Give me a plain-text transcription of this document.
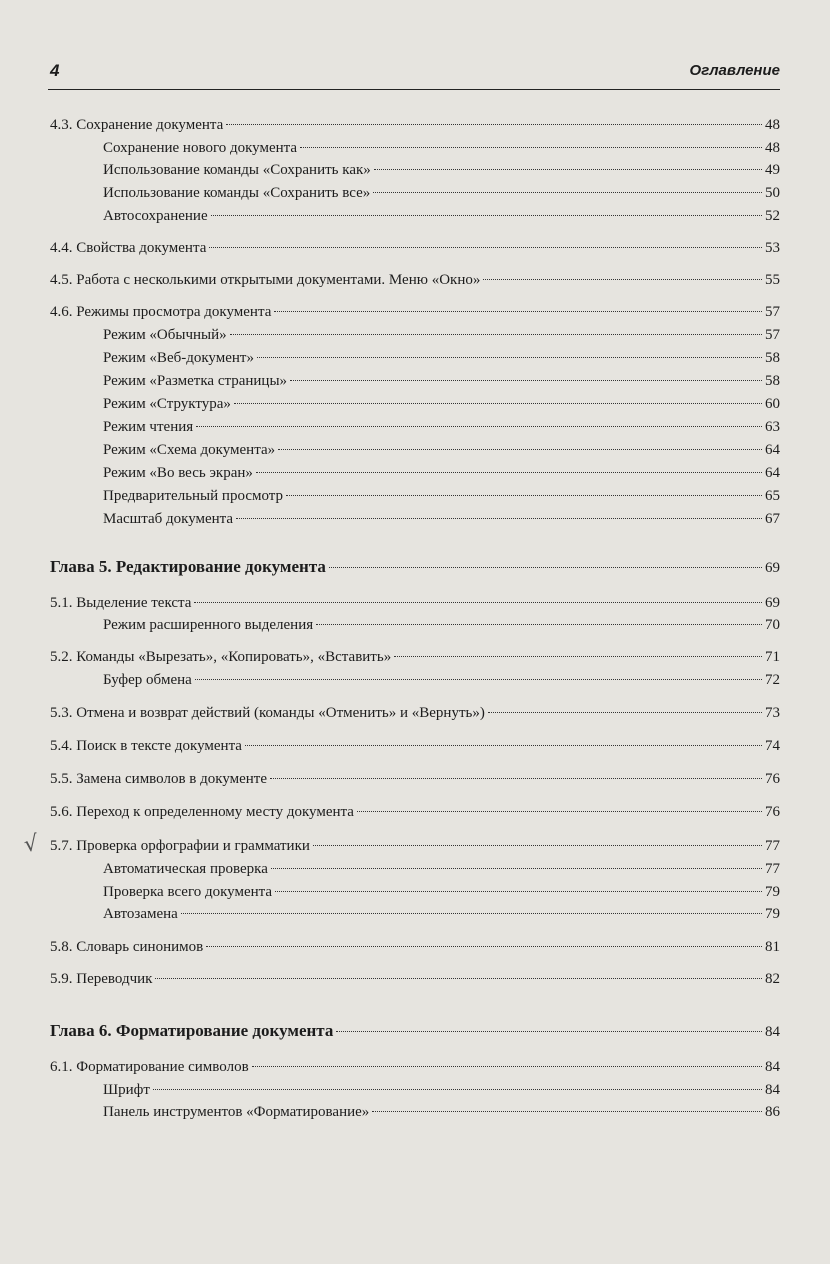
4	Оглавление
4.3. Сохранение документа	48
Сохранение нового документа	48
Использование команды «Сохранить как»	49
Использование команды «Сохранить все»	50
Автосохранение	52
4.4. Свойства документа	53
4.5. Работа с несколькими открытыми документами. Меню «Окно»	55
4.6. Режимы просмотра документа	57
Режим «Обычный»	57
Режим «Веб-документ»	58
Режим «Разметка страницы»	58
Режим «Структура»	60
Режим чтения	63
Режим «Схема документа»	64
Режим «Во весь экран»	64
Предварительный просмотр	65
Масштаб документа	67
Глава 5. Редактирование документа	69
5.1. Выделение текста	69
Режим расширенного выделения	70
5.2. Команды «Вырезать», «Копировать», «Вставить»	71
Буфер обмена	72
5.3. Отмена и возврат действий (команды «Отменить» и «Вернуть»)	73
5.4. Поиск в тексте документа	74
5.5. Замена символов в документе	76
5.6. Переход к определенному месту документа	76
5.7. Проверка орфографии и грамматики	77
Автоматическая проверка	77
Проверка всего документа	79
Автозамена	79
5.8. Словарь синонимов	81
5.9. Переводчик	82
Глава 6. Форматирование документа	84
6.1. Форматирование символов	84
Шрифт	84
Панель инструментов «Форматирование»	86
√
